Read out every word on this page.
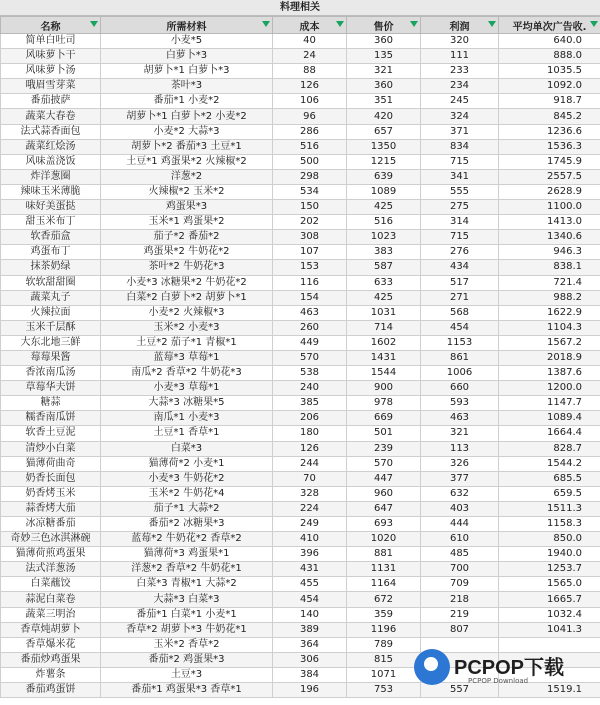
料理相关
名称	所需材料	成本	售价	利润	平均单次广告收.

简单白吐司	小麦*5	40	360	320	640.0
风味萝卜干	白萝卜*3	24	135	111	888.0
风味萝卜汤	胡萝卜*1 白萝卜*3	88	321	233	1035.5
哦眉雪芽菜	茶叶*3	126	360	234	1092.0
番茄披萨	番茄*1 小麦*2	106	351	245	918.7
蔬菜大春卷	胡萝卜*1 白萝卜*2 小麦*2	96	420	324	845.2
法式蒜香面包	小麦*2 大蒜*3	286	657	371	1236.6
蔬菜红烩汤	胡萝卜*2 番茄*3 土豆*1	516	1350	834	1536.3
风味盖浇饭	土豆*1 鸡蛋果*2 火辣椒*2	500	1215	715	1745.9
炸洋葱圈	洋葱*2	298	639	341	2557.5
辣味玉米薄脆	火辣椒*2 玉米*2	534	1089	555	2628.9
味好美蛋挞	鸡蛋果*3	150	425	275	1100.0
甜玉米布丁	玉米*1 鸡蛋果*2	202	516	314	1413.0
软香茄盒	茄子*2 番茄*2	308	1023	715	1340.6
鸡蛋布丁	鸡蛋果*2 牛奶花*2	107	383	276	946.3
抹茶奶绿	茶叶*2 牛奶花*3	153	587	434	838.1
软软甜甜圈	小麦*3 冰糖果*2 牛奶花*2	116	633	517	721.4
蔬菜丸子	白菜*2 白萝卜*2 胡萝卜*1	154	425	271	988.2
火辣拉面	小麦*2 火辣椒*3	463	1031	568	1622.9
玉米千层酥	玉米*2 小麦*3	260	714	454	1104.3
大东北地三鲜	土豆*2 茄子*1 青椒*1	449	1602	1153	1567.2
莓莓果酱	蓝莓*3 草莓*1	570	1431	861	2018.9
香浓南瓜汤	南瓜*2 香草*2 牛奶花*3	538	1544	1006	1387.6
草莓华夫饼	小麦*3 草莓*1	240	900	660	1200.0
糖蒜	大蒜*3 冰糖果*5	385	978	593	1147.7
糯香南瓜饼	南瓜*1 小麦*3	206	669	463	1089.4
软香土豆泥	土豆*1 香草*1	180	501	321	1664.4
清炒小白菜	白菜*3	126	239	113	828.7
猫薄荷曲奇	猫薄荷*2 小麦*1	244	570	326	1544.2
奶香长面包	小麦*3 牛奶花*2	70	447	377	685.5
奶香烤玉米	玉米*2 牛奶花*4	328	960	632	659.5
蒜香烤大茄	茄子*1 大蒜*2	224	647	403	1511.3
冰凉糖番茄	番茄*2 冰糖果*3	249	693	444	1158.3
奇妙三色冰淇淋碗	蓝莓*2 牛奶花*2 香草*2	410	1020	610	850.0
猫薄荷煎鸡蛋果	猫薄荷*3 鸡蛋果*1	396	881	485	1940.0
法式洋葱汤	洋葱*2 香草*2 牛奶花*1	431	1131	700	1253.7
白菜蘸饺	白菜*3 青椒*1 大蒜*2	455	1164	709	1565.0
蒜泥白菜卷	大蒜*3 白菜*3	454	672	218	1665.7
蔬菜三明治	番茄*1 白菜*1 小麦*1	140	359	219	1032.4
香草炖胡萝卜	香草*2 胡萝卜*3 牛奶花*1	389	1196	807	1041.3
香草爆米花	玉米*2 香草*2	364	789		
番茄炒鸡蛋果	番茄*2 鸡蛋果*3	306	815		
炸薯条	土豆*3	384	1071		
番茄鸡蛋饼	番茄*1 鸡蛋果*3 香草*1	196	753	557	1519.1
PCPOP下载
PCPOP Download
